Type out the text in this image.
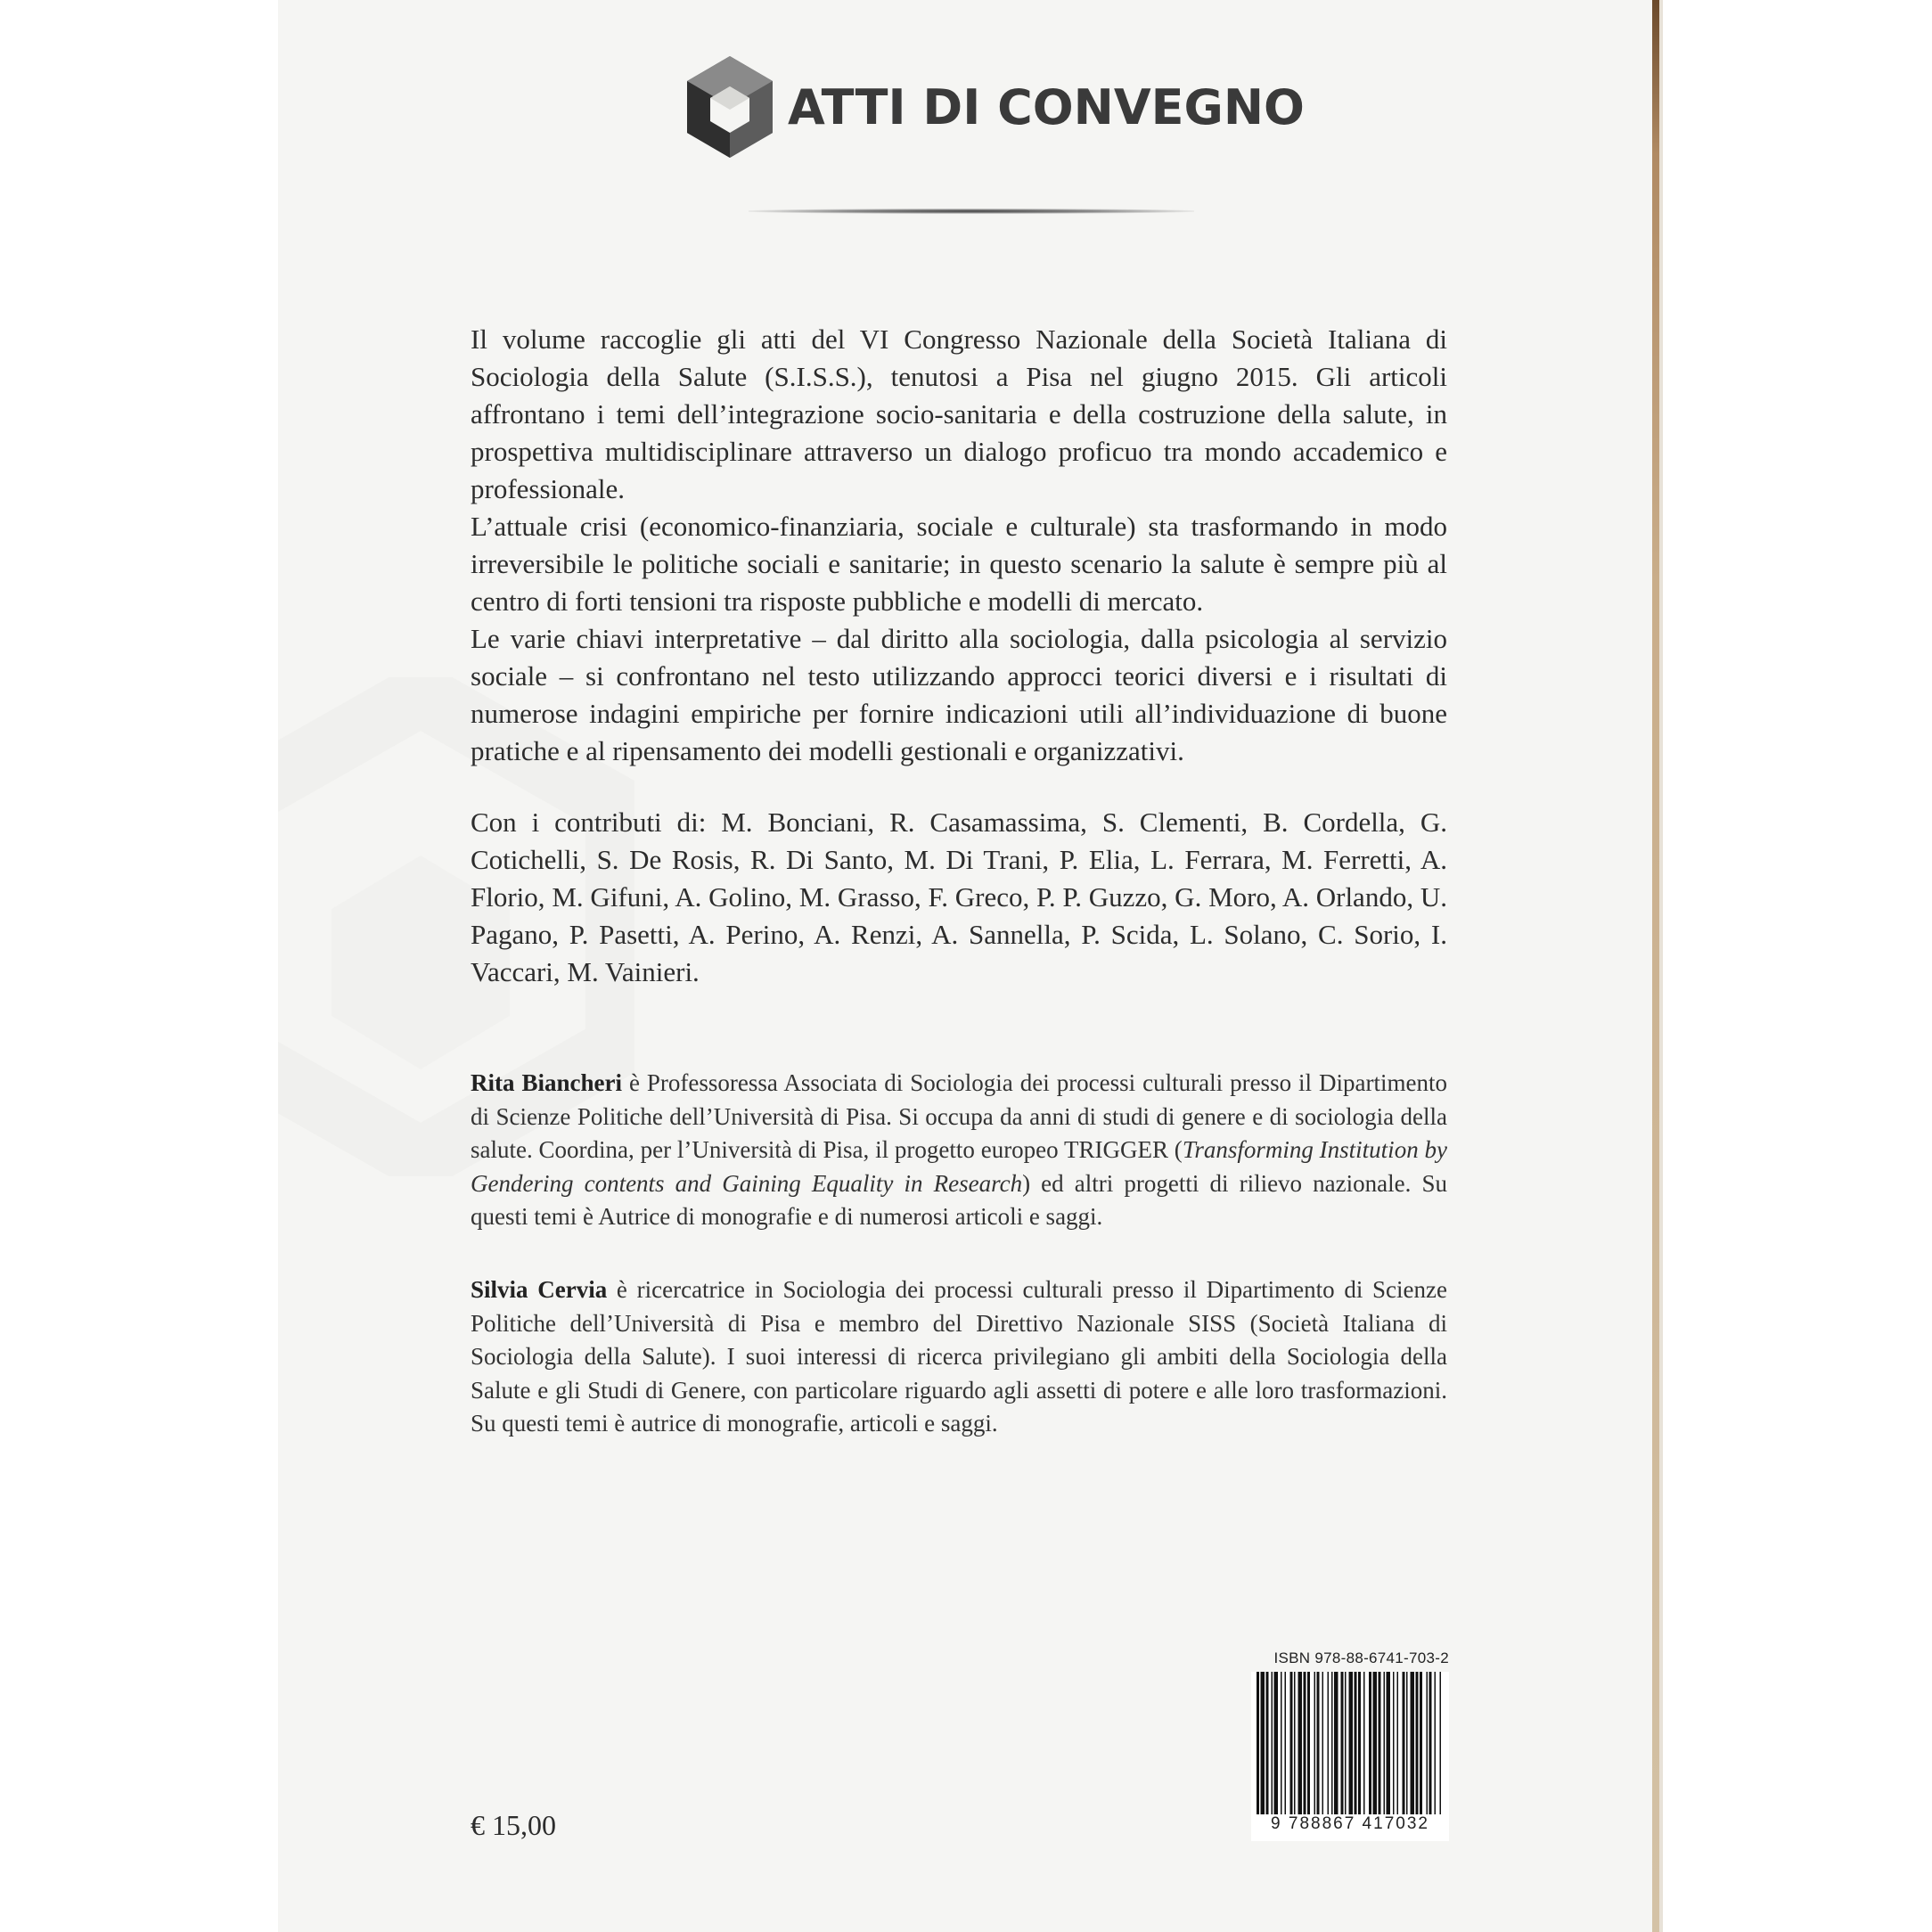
ATTI DI CONVEGNO

Il volume raccoglie gli atti del VI Congresso Nazionale della Società Italiana di Sociologia della Salute (S.I.S.S.), tenutosi a Pisa nel giugno 2015. Gli articoli affrontano i temi dell’integrazione socio-sanitaria e della costruzione della salute, in prospettiva multidisciplinare attraverso un dialogo proficuo tra mondo accademico e professionale.

L’attuale crisi (economico-finanziaria, sociale e culturale) sta trasformando in modo irreversibile le politiche sociali e sanitarie; in questo scenario la salute è sempre più al centro di forti tensioni tra risposte pubbliche e modelli di mercato.

Le varie chiavi interpretative – dal diritto alla sociologia, dalla psicologia al servizio sociale – si confrontano nel testo utilizzando approcci teorici diversi e i risultati di numerose indagini empiriche per fornire indicazioni utili all’individuazione di buone pratiche e al ripensamento dei modelli gestionali e organizzativi.

Con i contributi di: M. Bonciani, R. Casamassima, S. Clementi, B. Cordella, G. Cotichelli, S. De Rosis, R. Di Santo, M. Di Trani, P. Elia, L. Ferrara, M. Ferretti, A. Florio, M. Gifuni, A. Golino, M. Grasso, F. Greco, P. P. Guzzo, G. Moro, A. Orlando, U. Pagano, P. Pasetti, A. Perino, A. Renzi, A. Sannella, P. Scida, L. Solano, C. Sorio, I. Vaccari, M. Vainieri.

Rita Biancheri è Professoressa Associata di Sociologia dei processi culturali presso il Dipartimento di Scienze Politiche dell’Università di Pisa. Si occupa da anni di studi di genere e di sociologia della salute. Coordina, per l’Università di Pisa, il progetto europeo TRIGGER (Transforming Institution by Gendering contents and Gaining Equality in Research) ed altri progetti di rilievo nazionale. Su questi temi è Autrice di monografie e di numerosi articoli e saggi.
Silvia Cervia è ricercatrice in Sociologia dei processi culturali presso il Dipartimento di Scienze Politiche dell’Università di Pisa e membro del Direttivo Nazionale SISS (Società Italiana di Sociologia della Salute). I suoi interessi di ricerca privilegiano gli ambiti della Sociologia della Salute e gli Studi di Genere, con particolare riguardo agli assetti di potere e alle loro trasformazioni. Su questi temi è autrice di monografie, articoli e saggi.
ISBN 978-88-6741-703-2
9 788867 417032
€ 15,00
